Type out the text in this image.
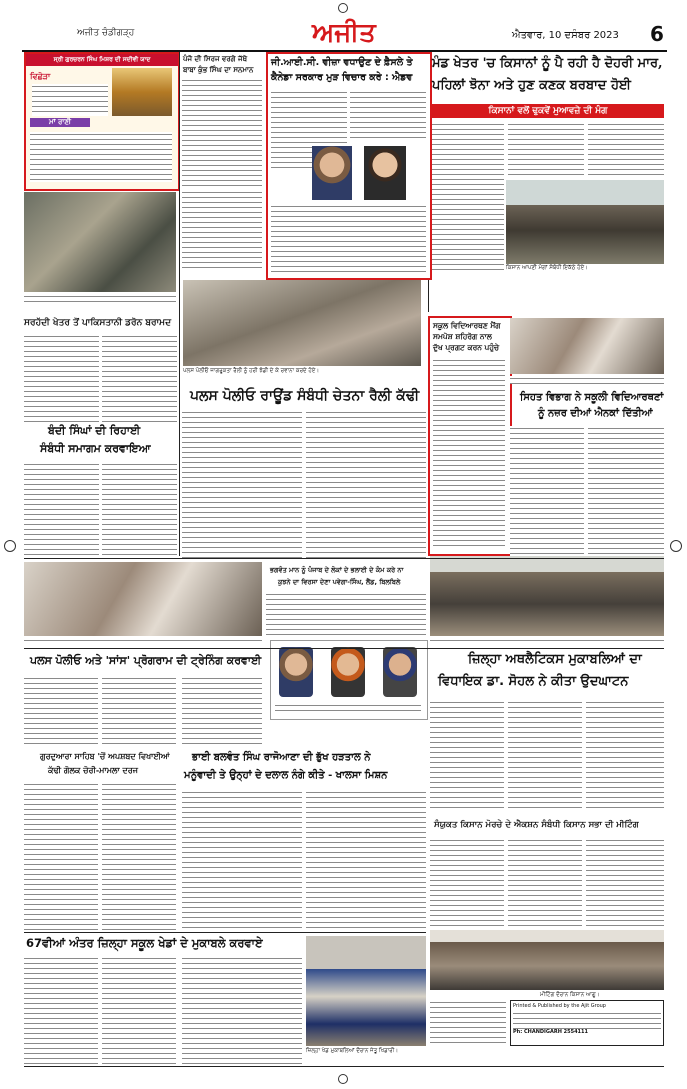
ਅਜੀਤ ਚੰਡੀਗੜ੍ਹ	ਅਜੀਤ	ਐਤਵਾਰ, 10 ਦਸੰਬਰ 2023 6
ਸ੍ਰੀ ਗੁਰਚਰਨ ਸਿੰਘ ਮਿਸ਼ਰ ਦੀ ਸਦੀਵੀ ਯਾਦ
ਵਿਛੋੜਾ
ਮਾਂ ਰਾਣੀ
ਪੰਜੋ ਦੀ ਸਿਰਜ ਵਰਗੇ ਜੱਥੇ
ਬਾਬਾ ਕੁੰਭ ਸਿੰਘ ਦਾ ਸਨਮਾਨ
ਜੀ.ਆਈ.ਸੀ. ਵੀਜ਼ਾ ਵਧਾਉਣ ਦੇ ਫ਼ੈਸਲੇ ਤੇ
ਕੈਨੇਡਾ ਸਰਕਾਰ ਮੁੜ ਵਿਚਾਰ ਕਰੇ : ਐਡਵ
ਮੰਡ ਖੇਤਰ 'ਚ ਕਿਸਾਨਾਂ ਨੂੰ ਪੈ ਰਹੀ ਹੈ ਦੋਹਰੀ ਮਾਰ,
ਪਹਿਲਾਂ ਝੋਨਾ ਅਤੇ ਹੁਣ ਕਣਕ ਬਰਬਾਦ ਹੋਈ
ਕਿਸਾਨਾਂ ਵਲੋਂ ਢੁਕਵੇਂ ਮੁਆਵਜ਼ੇ ਦੀ ਮੰਗ
ਕਿਸਾਨ ਆਪਣੀ ਮੰਗਾਂ ਸੰਬੰਧੀ ਇਕੱਠੇ ਹੋਏ।
ਸਰਹੱਦੀ ਖੇਤਰ ਤੋਂ ਪਾਕਿਸਤਾਨੀ ਡਰੋਨ ਬਰਾਮਦ
ਬੰਦੀ ਸਿੰਘਾਂ ਦੀ ਰਿਹਾਈ
ਸੰਬੰਧੀ ਸਮਾਗਮ ਕਰਵਾਇਆ
ਪਲਸ ਪੋਲੀਓ ਜਾਗਰੂਕਤਾ ਰੈਲੀ ਨੂੰ ਹਰੀ ਝੰਡੀ ਦੇ ਕੇ ਰਵਾਨਾ ਕਰਦੇ ਹੋਏ।
ਪਲਸ ਪੋਲੀਓ ਰਾਊਂਡ ਸੰਬੰਧੀ ਚੇਤਨਾ ਰੈਲੀ ਕੱਢੀ
ਸਕੂਲ ਵਿਦਿਆਰਥਣ ਮੈਂਗ
ਸਮਪੋਸ਼ ਸ਼ਹਿਰੋਗ ਨਾਲ
ਦੁੱਖ ਪ੍ਰਗਟ ਕਰਨ ਪਹੁੰਚੇ
ਸਿਹਤ ਵਿਭਾਗ ਨੇ ਸਕੂਲੀ ਵਿਦਿਆਰਥਣਾਂ
ਨੂੰ ਨਜ਼ਰ ਦੀਆਂ ਐਨਕਾਂ ਦਿੱਤੀਆਂ
ਭਗਵੰਤ ਮਾਨ ਨੂੰ ਪੰਜਾਬ ਦੇ ਲੋਕਾਂ ਦੇ ਭਲਾਈ ਦੇ ਕੰਮ ਕਰੇ ਨਾ
ਕੁਝਨੇ ਦਾ ਵਿਰਸਾ ਦੇਣਾ ਪਵੇਗਾ-ਸਿੰਘ, ਲੈਂਡ, ਬਿਲਬਿਲੇ
ਪਲਸ ਪੋਲੀਓ ਅਤੇ 'ਸਾਂਸ' ਪ੍ਰੋਗਰਾਮ ਦੀ ਟ੍ਰੇਨਿੰਗ ਕਰਵਾਈ	ਜ਼ਿਲ੍ਹਾ ਅਥਲੈਟਿਕਸ ਮੁਕਾਬਲਿਆਂ ਦਾ
ਵਿਧਾਇਕ ਡਾ. ਸੋਹਲ ਨੇ ਕੀਤਾ ਉਦਘਾਟਨ
ਗੁਰਦੁਆਰਾ ਸਾਹਿਬ 'ਚੋਂ ਅਪਸ਼ਬਦ ਵਿਖਾਈਆਂ
ਕੱਢੀ ਗੋਲਕ ਚੋਰੀ-ਮਾਮਲਾ ਦਰਜ
ਭਾਈ ਬਲਵੰਤ ਸਿੰਘ ਰਾਜੋਆਣਾ ਦੀ ਭੁੱਖ ਹੜਤਾਲ ਨੇ
ਮਨੂੰਵਾਦੀ ਤੇ ਉਨ੍ਹਾਂ ਦੇ ਦਲਾਲ ਨੰਗੇ ਕੀਤੇ - ਖਾਲਸਾ ਮਿਸ਼ਨ
ਸੰਯੁਕਤ ਕਿਸਾਨ ਮੋਰਚੇ ਦੇ ਐਕਸ਼ਨ ਸੰਬੰਧੀ ਕਿਸਾਨ ਸਭਾ ਦੀ ਮੀਟਿੰਗ
67ਵੀਆਂ ਅੰਤਰ ਜ਼ਿਲ੍ਹਾ ਸਕੂਲ ਖੇਡਾਂ ਦੇ ਮੁਕਾਬਲੇ ਕਰਵਾਏ
ਜ਼ਿਲ੍ਹਾ ਖੇਡ ਮੁਕਾਬਲਿਆਂ ਦੌਰਾਨ ਜੇਤੂ ਖਿਡਾਰੀ।
ਮੀਟਿੰਗ ਦੌਰਾਨ ਕਿਸਾਨ ਆਗੂ।
Printed & Published by the Ajit Group
Ph: CHANDIGARH 2554111
